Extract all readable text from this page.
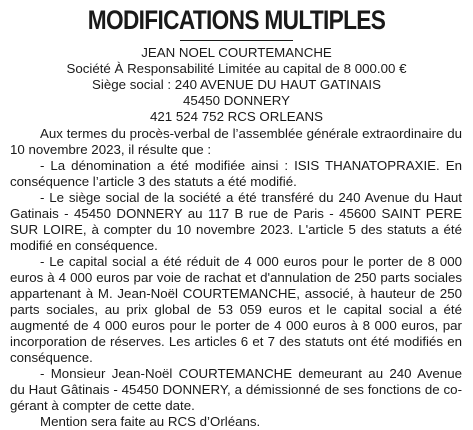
MODIFICATIONS MULTIPLES
JEAN NOEL COURTEMANCHE
Société À Responsabilité Limitée au capital de 8 000.00 €
Siège social : 240 AVENUE DU HAUT GATINAIS
45450 DONNERY
421 524 752 RCS ORLEANS

Aux termes du procès-verbal de l’assemblée générale extraordinaire du 10 novembre 2023, il résulte que :

- La dénomination a été modifiée ainsi : ISIS THANATOPRAXIE. En conséquence l’article 3 des statuts a été modifié.

- Le siège social de la société a été transféré du 240 Avenue du Haut Gatinais - 45450 DONNERY au 117 B rue de Paris - 45600 SAINT PERE SUR LOIRE, à compter du 10 novembre 2023. L'article 5 des statuts a été modifié en conséquence.

- Le capital social a été réduit de 4 000 euros pour le porter de 8 000 euros à 4 000 euros par voie de rachat et d'annulation de 250 parts sociales appartenant à M. Jean-Noël COURTEMANCHE, associé, à hauteur de 250 parts sociales, au prix global de 53 059 euros et le capital social a été augmenté de 4 000 euros pour le porter de 4 000 euros à 8 000 euros, par incorporation de réserves. Les articles 6 et 7 des statuts ont été modifiés en conséquence.

- Monsieur Jean-Noël COURTEMANCHE demeurant au 240 Avenue du Haut Gâtinais - 45450 DONNERY, a démissionné de ses fonctions de co-gérant à compter de cette date.

Mention sera faite au RCS d’Orléans.
